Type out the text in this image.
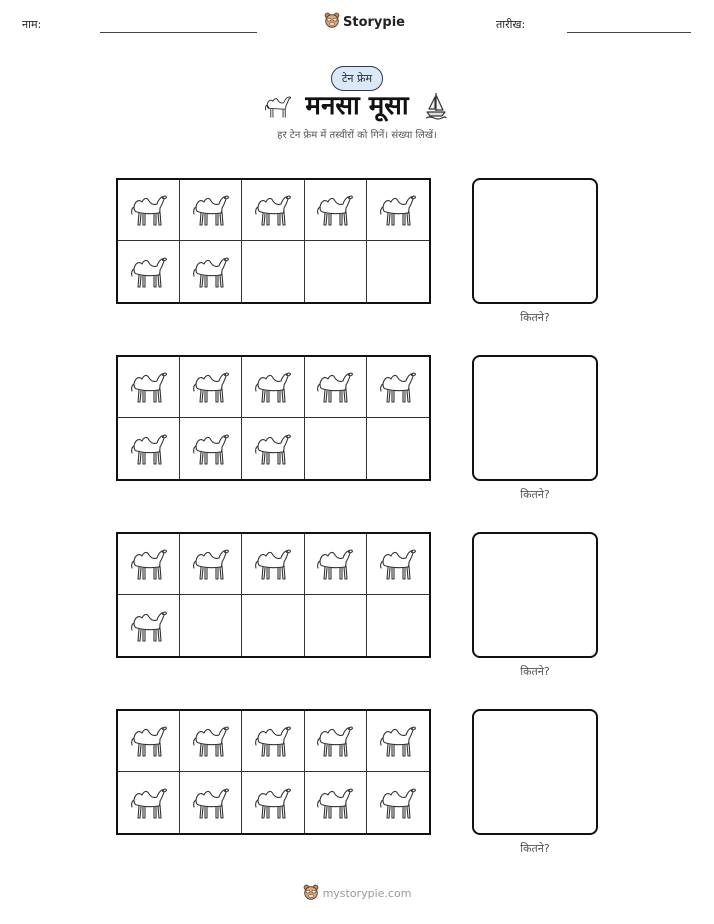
नाम:	Storypie	तारीख:
टेन फ्रेम
मनसा मूसा
हर टेन फ्रेम में तस्वीरों को गिनें। संख्या लिखें।
कितने?
कितने?
कितने?
कितने?
mystorypie.com
